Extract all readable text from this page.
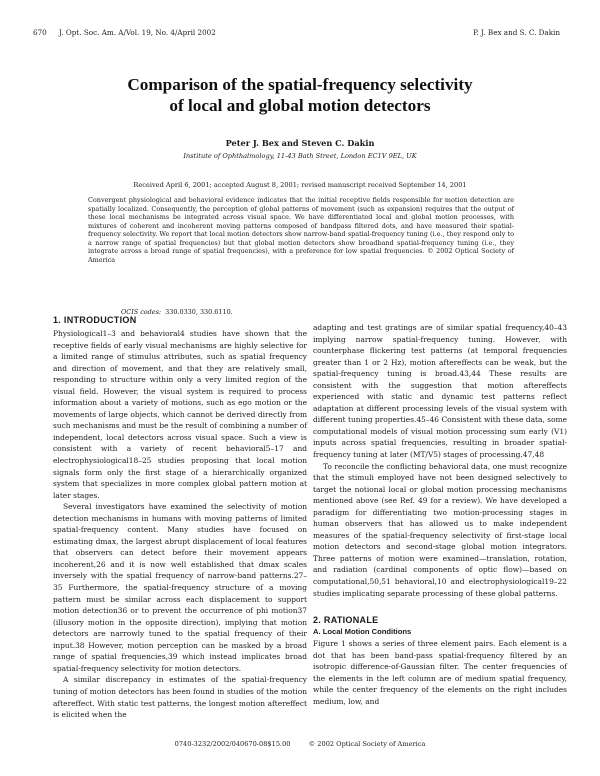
670 J. Opt. Soc. Am. A/Vol. 19, No. 4/April 2002	P. J. Bex and S. C. Dakin
Comparison of the spatial-frequency selectivity
of local and global motion detectors
Peter J. Bex and Steven C. Dakin
Institute of Ophthalmology, 11-43 Bath Street, London EC1V 9EL, UK
Received April 6, 2001; accepted August 8, 2001; revised manuscript received September 14, 2001
Convergent physiological and behavioral evidence indicates that the initial receptive fields responsible for motion detection are spatially localized. Consequently, the perception of global patterns of movement (such as expansion) requires that the output of these local mechanisms be integrated across visual space. We have differentiated local and global motion processes, with mixtures of coherent and incoherent moving patterns composed of bandpass filtered dots, and have measured their spatial-frequency selectivity. We report that local motion detectors show narrow-band spatial-frequency tuning (i.e., they respond only to a narrow range of spatial frequencies) but that global motion detectors show broadband spatial-frequency tuning (i.e., they integrate across a broad range of spatial frequencies), with a preference for low spatial frequencies. © 2002 Optical Society of America
OCIS codes: 330.0330, 330.6110.
1. INTRODUCTION

Physiological1–3 and behavioral4 studies have shown that the receptive fields of early visual mechanisms are highly selective for a limited range of stimulus attributes, such as spatial frequency and direction of movement, and that they are relatively small, responding to structure within only a very limited region of the visual field. However, the visual system is required to process information about a variety of motions, such as ego motion or the movements of large objects, which cannot be derived directly from such mechanisms and must be the result of combining a number of independent, local detectors across visual space. Such a view is consistent with a variety of recent behavioral5–17 and electrophysiological18–25 studies proposing that local motion signals form only the first stage of a hierarchically organized system that specializes in more complex global pattern motion at later stages.

Several investigators have examined the selectivity of motion detection mechanisms in humans with moving patterns of limited spatial-frequency content. Many studies have focused on estimating dmax, the largest abrupt displacement of local features that observers can detect before their movement appears incoherent,26 and it is now well established that dmax scales inversely with the spatial frequency of narrow-band patterns.27–35 Furthermore, the spatial-frequency structure of a moving pattern must be similar across each displacement to support motion detection36 or to prevent the occurrence of phi motion37 (illusory motion in the opposite direction), implying that motion detectors are narrowly tuned to the spatial frequency of their input.38 However, motion perception can be masked by a broad range of spatial frequencies,39 which instead implicates broad spatial-frequency selectivity for motion detectors.

A similar discrepancy in estimates of the spatial-frequency tuning of motion detectors has been found in studies of the motion aftereffect. With static test patterns, the longest motion aftereffect is elicited when the

adapting and test gratings are of similar spatial frequency,40–43 implying narrow spatial-frequency tuning. However, with counterphase flickering test patterns (at temporal frequencies greater than 1 or 2 Hz), motion aftereffects can be weak, but the spatial-frequency tuning is broad.43,44 These results are consistent with the suggestion that motion aftereffects experienced with static and dynamic test patterns reflect adaptation at different processing levels of the visual system with different tuning properties.45–46 Consistent with these data, some computational models of visual motion processing sum early (V1) inputs across spatial frequencies, resulting in broader spatial-frequency tuning at later (MT/V5) stages of processing.47,48

To reconcile the conflicting behavioral data, one must recognize that the stimuli employed have not been designed selectively to target the notional local or global motion processing mechanisms mentioned above (see Ref. 49 for a review). We have developed a paradigm for differentiating two motion-processing stages in human observers that has allowed us to make independent measures of the spatial-frequency selectivity of first-stage local motion detectors and second-stage global motion integrators. Three patterns of motion were examined—translation, rotation, and radiation (cardinal components of optic flow)—based on computational,50,51 behavioral,10 and electrophysiological19–22 studies implicating separate processing of these global patterns.

2. RATIONALE
A. Local Motion Conditions

Figure 1 shows a series of three element pairs. Each element is a dot that has been band-pass spatial-frequency filtered by an isotropic difference-of-Gaussian filter. The center frequencies of the elements in the left column are of medium spatial frequency, while the center frequency of the elements on the right includes medium, low, and

0740-3232/2002/040670-08$15.00	© 2002 Optical Society of America
